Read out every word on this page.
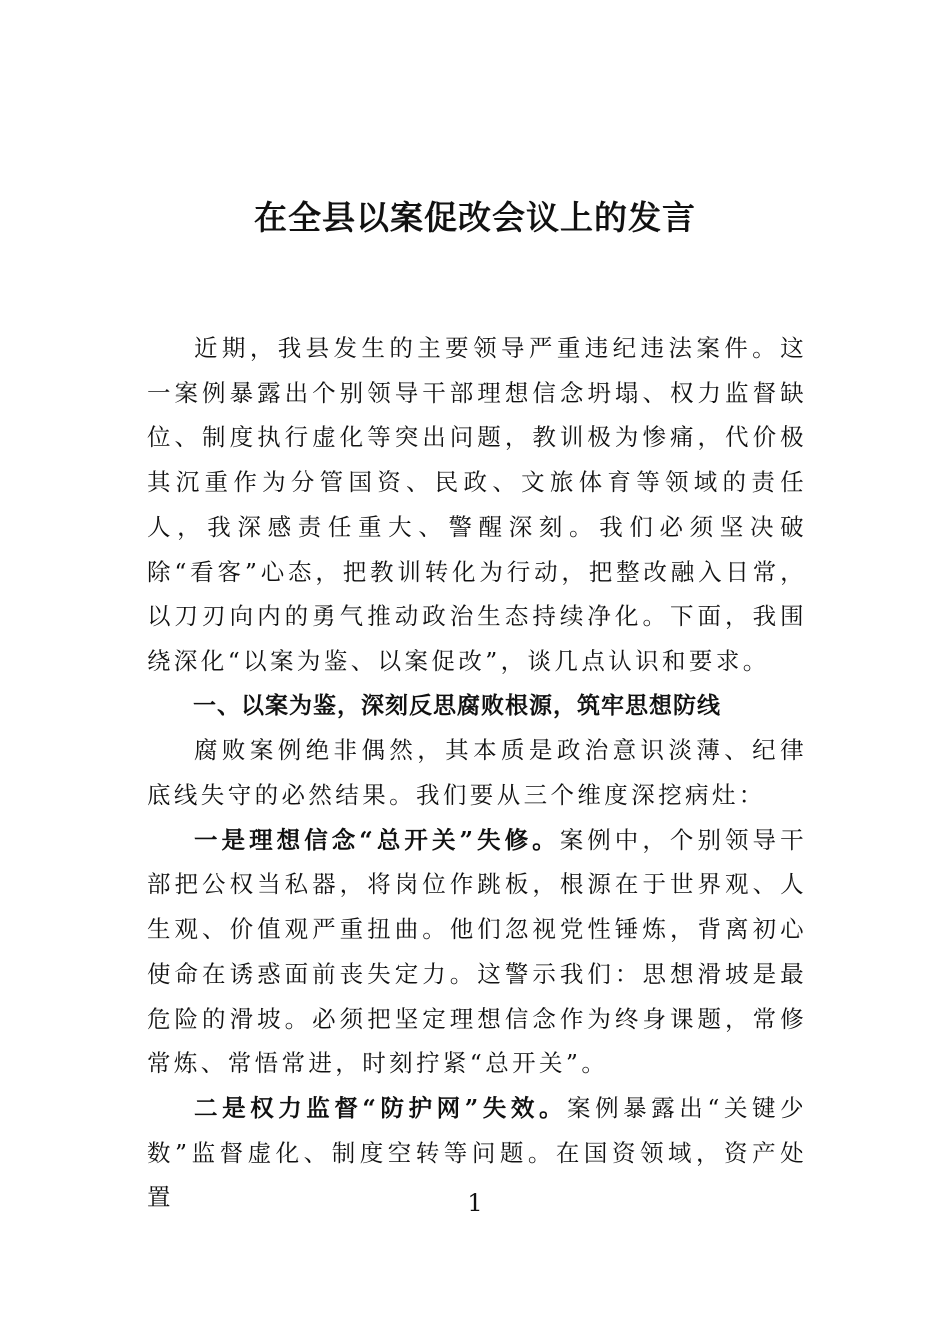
在全县以案促改会议上的发言

近期，我县发生的主要领导严重违纪违法案件。这一案例暴露出个别领导干部理想信念坍塌、权力监督缺位、制度执行虚化等突出问题，教训极为惨痛，代价极其沉重作为分管国资、民政、文旅体育等领域的责任人，我深感责任重大、警醒深刻。我们必须坚决破除“看客”心态，把教训转化为行动，把整改融入日常，以刀刃向内的勇气推动政治生态持续净化。下面，我围绕深化“以案为鉴、以案促改”，谈几点认识和要求。

一、以案为鉴，深刻反思腐败根源，筑牢思想防线

腐败案例绝非偶然，其本质是政治意识淡薄、纪律底线失守的必然结果。我们要从三个维度深挖病灶：

一是理想信念“总开关”失修。案例中，个别领导干部把公权当私器，将岗位作跳板，根源在于世界观、人生观、价值观严重扭曲。他们忽视党性锤炼，背离初心使命在诱惑面前丧失定力。这警示我们：思想滑坡是最危险的滑坡。必须把坚定理想信念作为终身课题，常修常炼、常悟常进，时刻拧紧“总开关”。

二是权力监督“防护网”失效。案例暴露出“关键少数”监督虚化、制度空转等问题。在国资领域，资产处置	1
